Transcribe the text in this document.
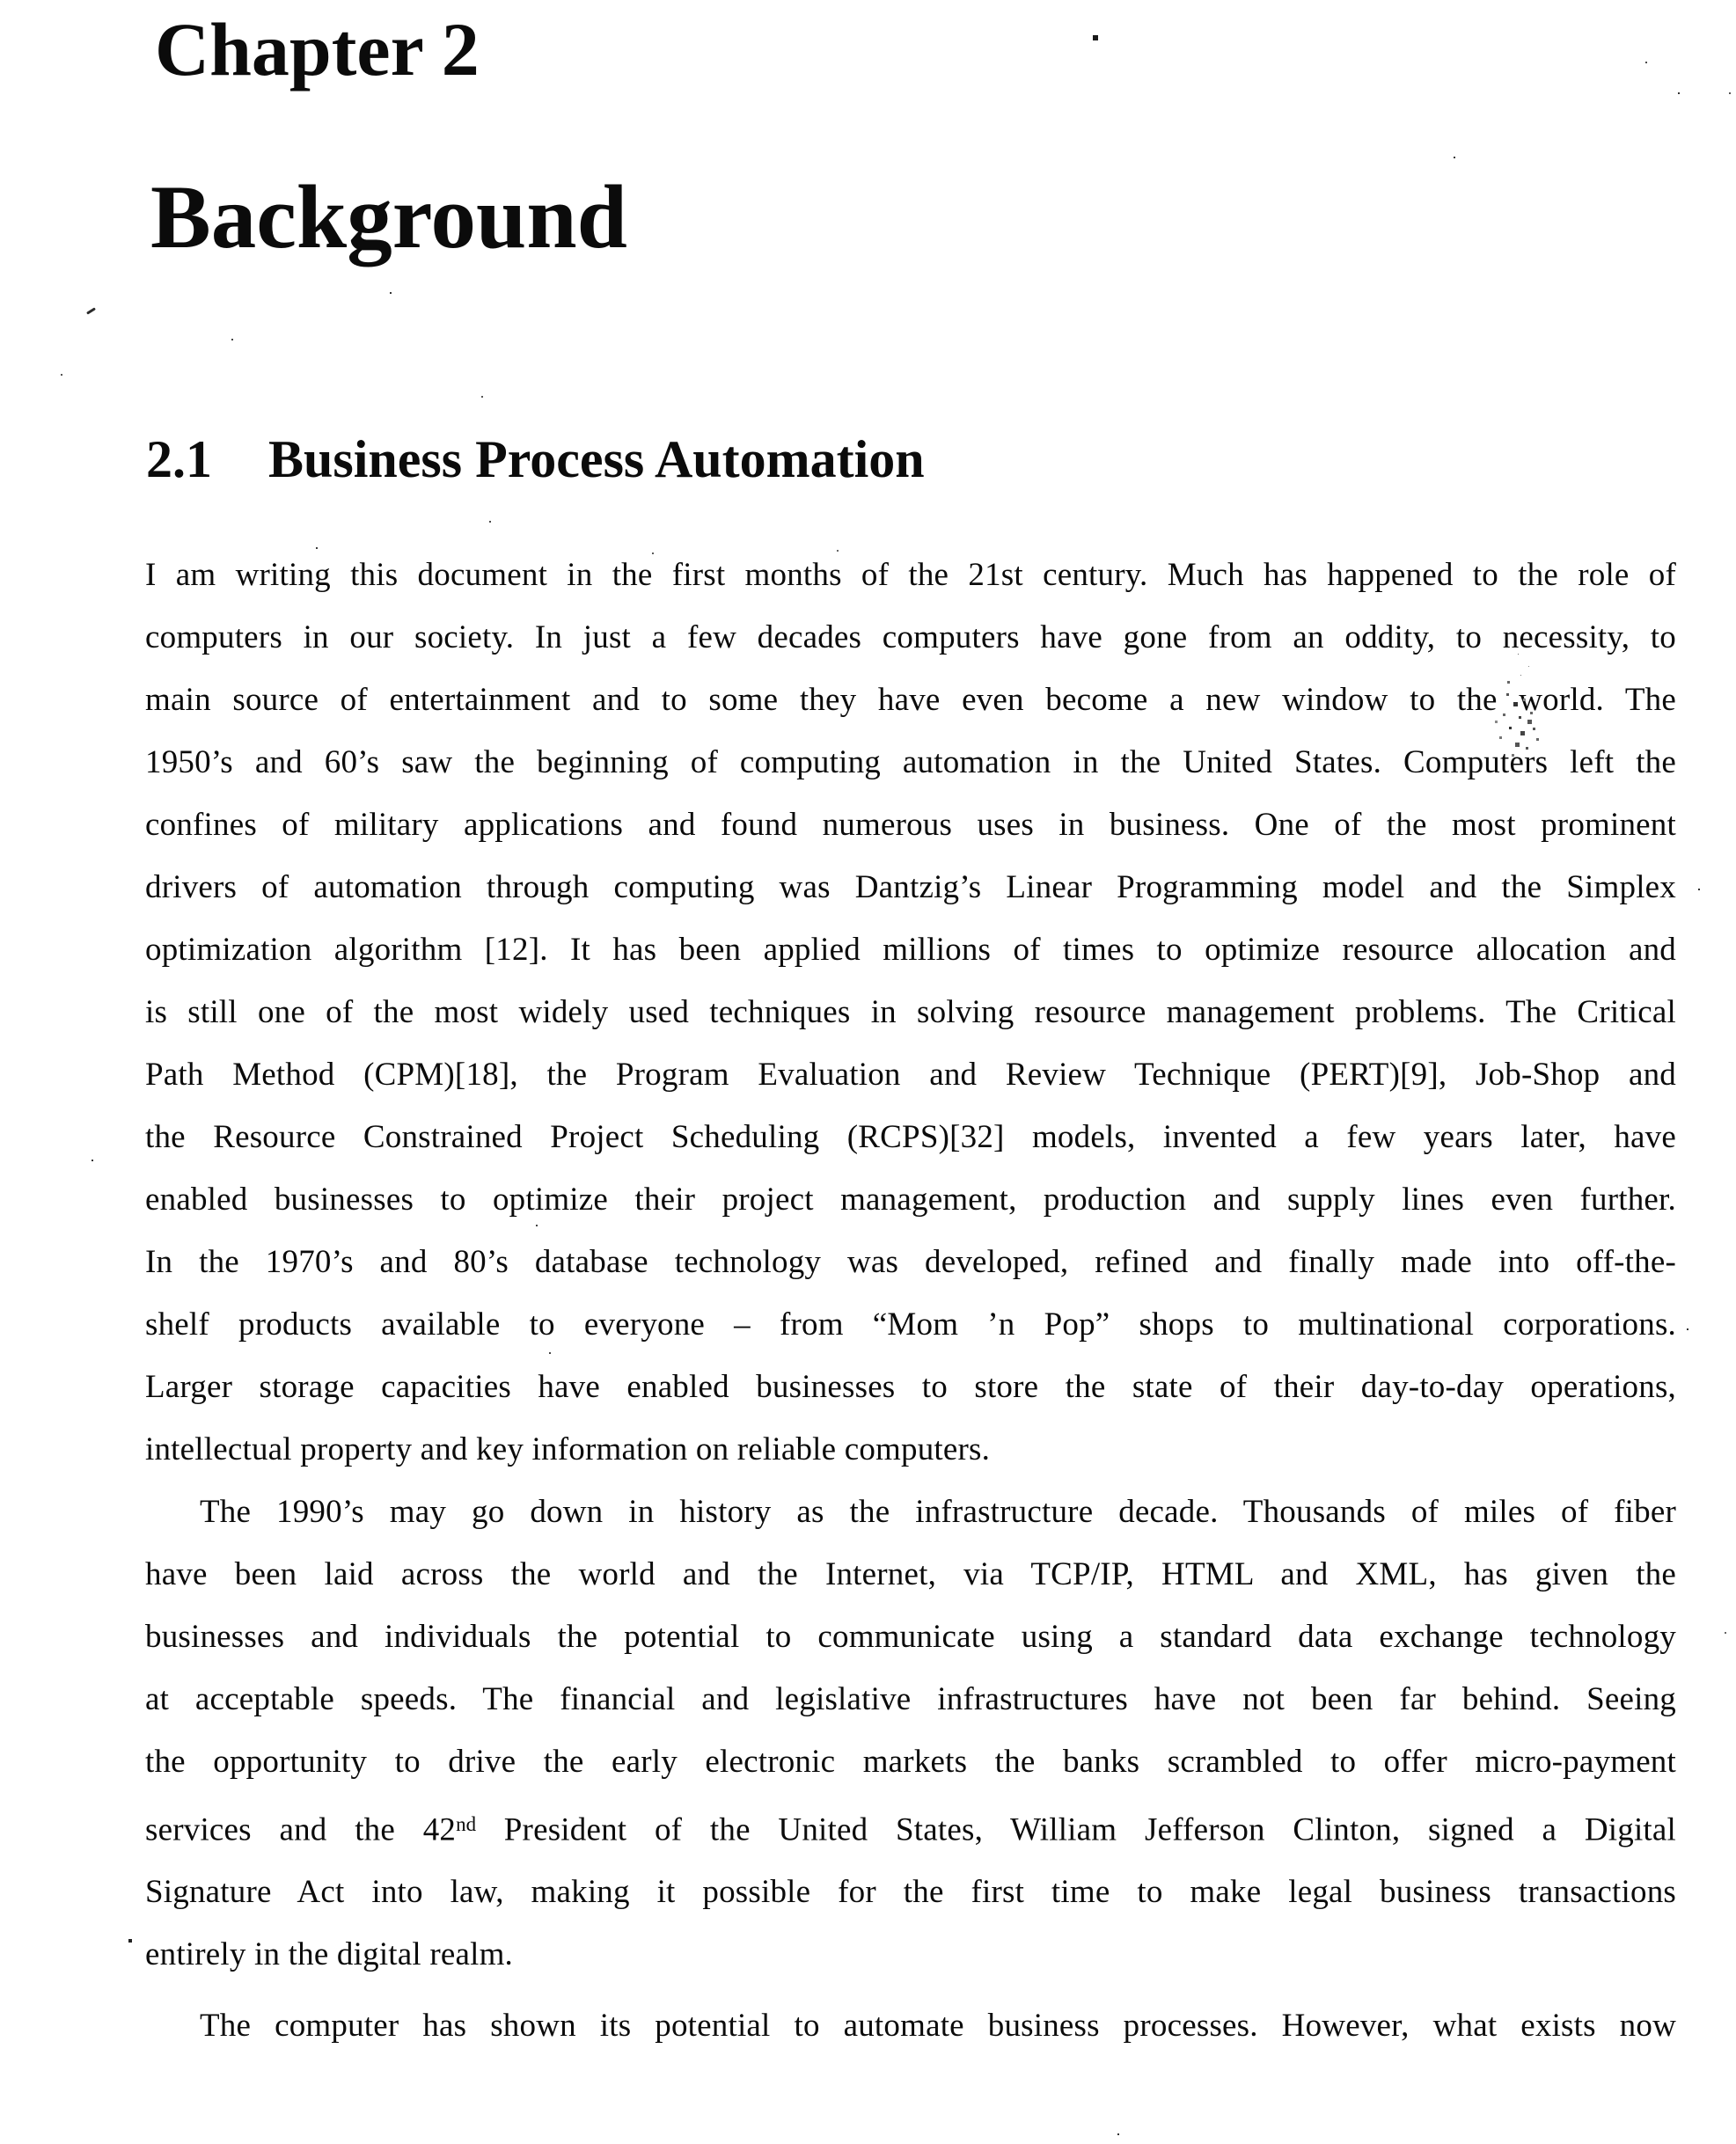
Chapter 2
Background
2.1 Business Process Automation
I am writing this document in the first months of the 21st century. Much has happened to the role of
computers in our society. In just a few decades computers have gone from an oddity, to necessity, to
main source of entertainment and to some they have even become a new window to the world. The
1950’s and 60’s saw the beginning of computing automation in the United States. Computers left the
confines of military applications and found numerous uses in business. One of the most prominent
drivers of automation through computing was Dantzig’s Linear Programming model and the Simplex
optimization algorithm [12]. It has been applied millions of times to optimize resource allocation and
is still one of the most widely used techniques in solving resource management problems. The Critical
Path Method (CPM)[18], the Program Evaluation and Review Technique (PERT)[9], Job-Shop and
the Resource Constrained Project Scheduling (RCPS)[32] models, invented a few years later, have
enabled businesses to optimize their project management, production and supply lines even further.
In the 1970’s and 80’s database technology was developed, refined and finally made into off-the-
shelf products available to everyone – from “Mom ’n Pop” shops to multinational corporations.
Larger storage capacities have enabled businesses to store the state of their day-to-day operations,
intellectual property and key information on reliable computers.
The 1990’s may go down in history as the infrastructure decade. Thousands of miles of fiber
have been laid across the world and the Internet, via TCP/IP, HTML and XML, has given the
businesses and individuals the potential to communicate using a standard data exchange technology
at acceptable speeds. The financial and legislative infrastructures have not been far behind. Seeing
the opportunity to drive the early electronic markets the banks scrambled to offer micro-payment
services and the 42nd President of the United States, William Jefferson Clinton, signed a Digital
Signature Act into law, making it possible for the first time to make legal business transactions
entirely in the digital realm.
The computer has shown its potential to automate business processes. However, what exists now
